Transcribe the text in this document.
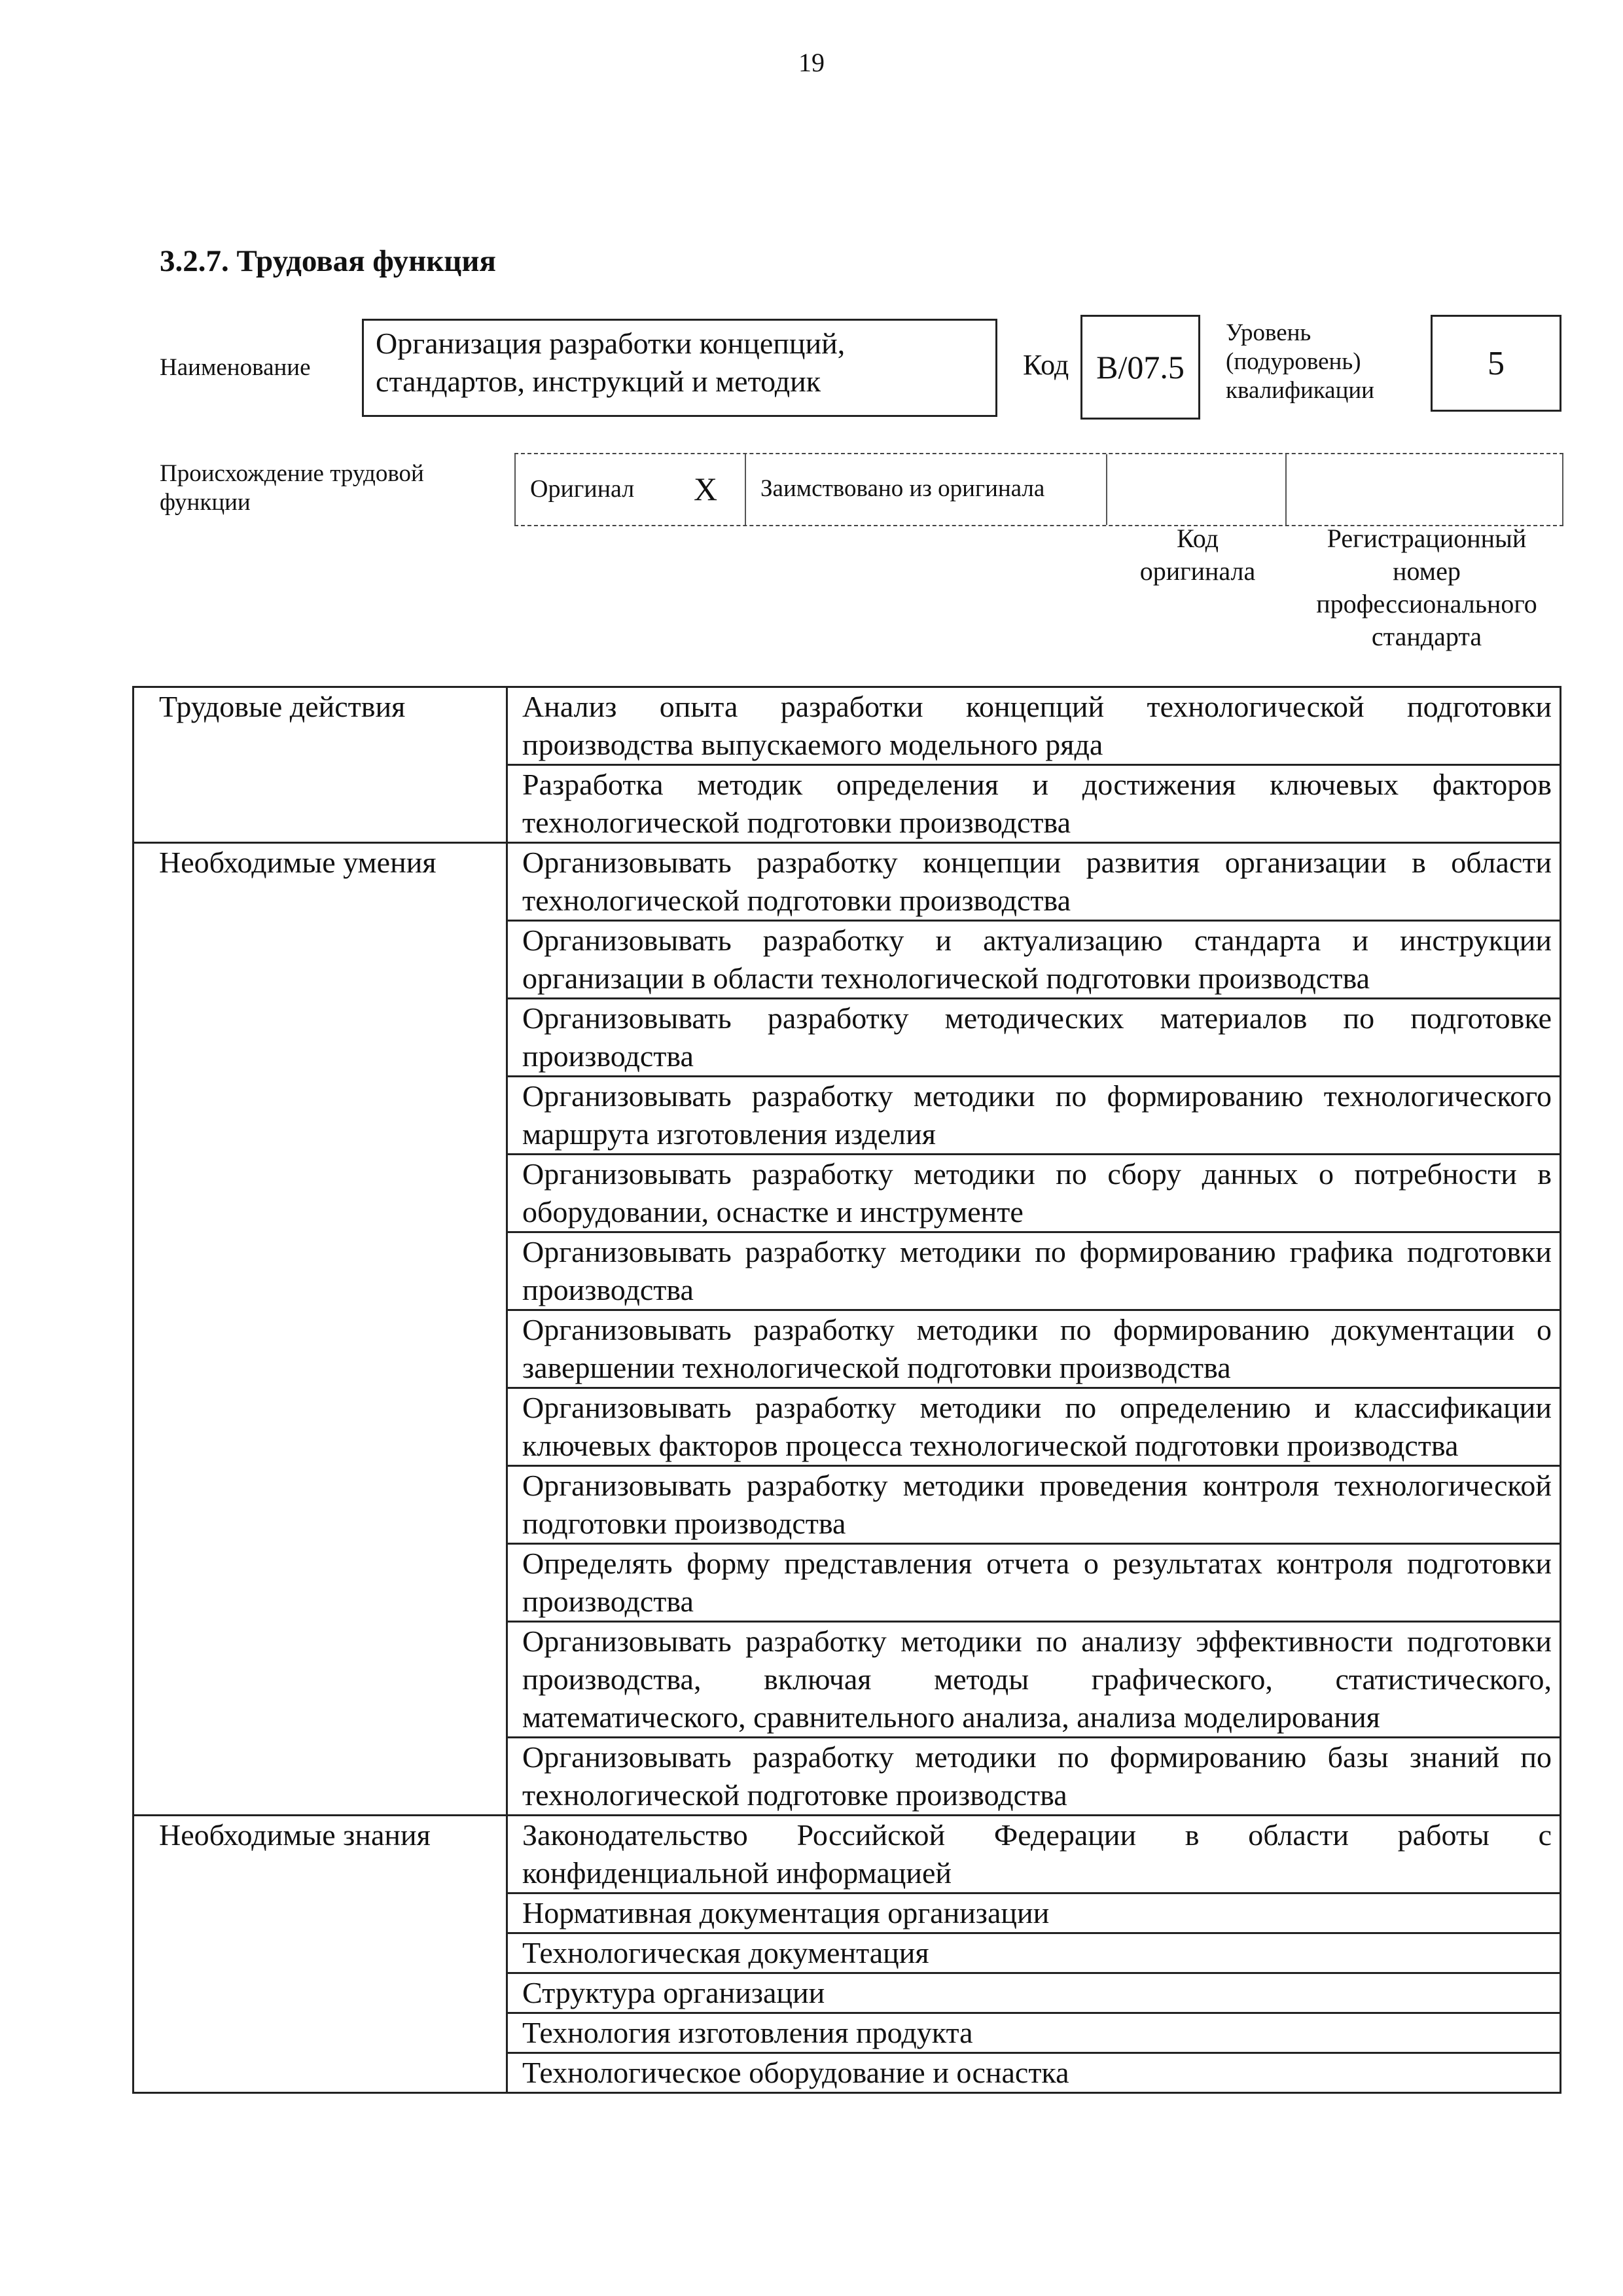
19
3.2.7. Трудовая функция
Наименование
Организация разработки концепций,
стандартов, инструкций и методик	Код B/07.5
Уровень
(подуровень)
квалификации
5
Происхождение трудовой
функции	Оригинал X Заимствовано из оригинала
Код
оригинала
Регистрационный
номер
профессионального
стандарта
Трудовые действия	Анализ опыта разработки концепций технологической подготовки производства выпускаемого модельного ряда
	Разработка методик определения и достижения ключевых факторов технологической подготовки производства
Необходимые умения	Организовывать разработку концепции развития организации в области технологической подготовки производства
	Организовывать разработку и актуализацию стандарта и инструкции организации в области технологической подготовки производства
	Организовывать разработку методических материалов по подготовке производства
	Организовывать разработку методики по формированию технологического маршрута изготовления изделия
	Организовывать разработку методики по сбору данных о потребности в оборудовании, оснастке и инструменте
	Организовывать разработку методики по формированию графика подготовки производства
	Организовывать разработку методики по формированию документации о завершении технологической подготовки производства
	Организовывать разработку методики по определению и классификации ключевых факторов процесса технологической подготовки производства
	Организовывать разработку методики проведения контроля технологической подготовки производства
	Определять форму представления отчета о результатах контроля подготовки производства
	Организовывать разработку методики по анализу эффективности подготовки производства, включая методы графического, статистического, математического, сравнительного анализа, анализа моделирования
	Организовывать разработку методики по формированию базы знаний по технологической подготовке производства
Необходимые знания	Законодательство Российской Федерации в области работы с конфиденциальной информацией
	Нормативная документация организации
	Технологическая документация
	Структура организации
	Технология изготовления продукта
	Технологическое оборудование и оснастка
